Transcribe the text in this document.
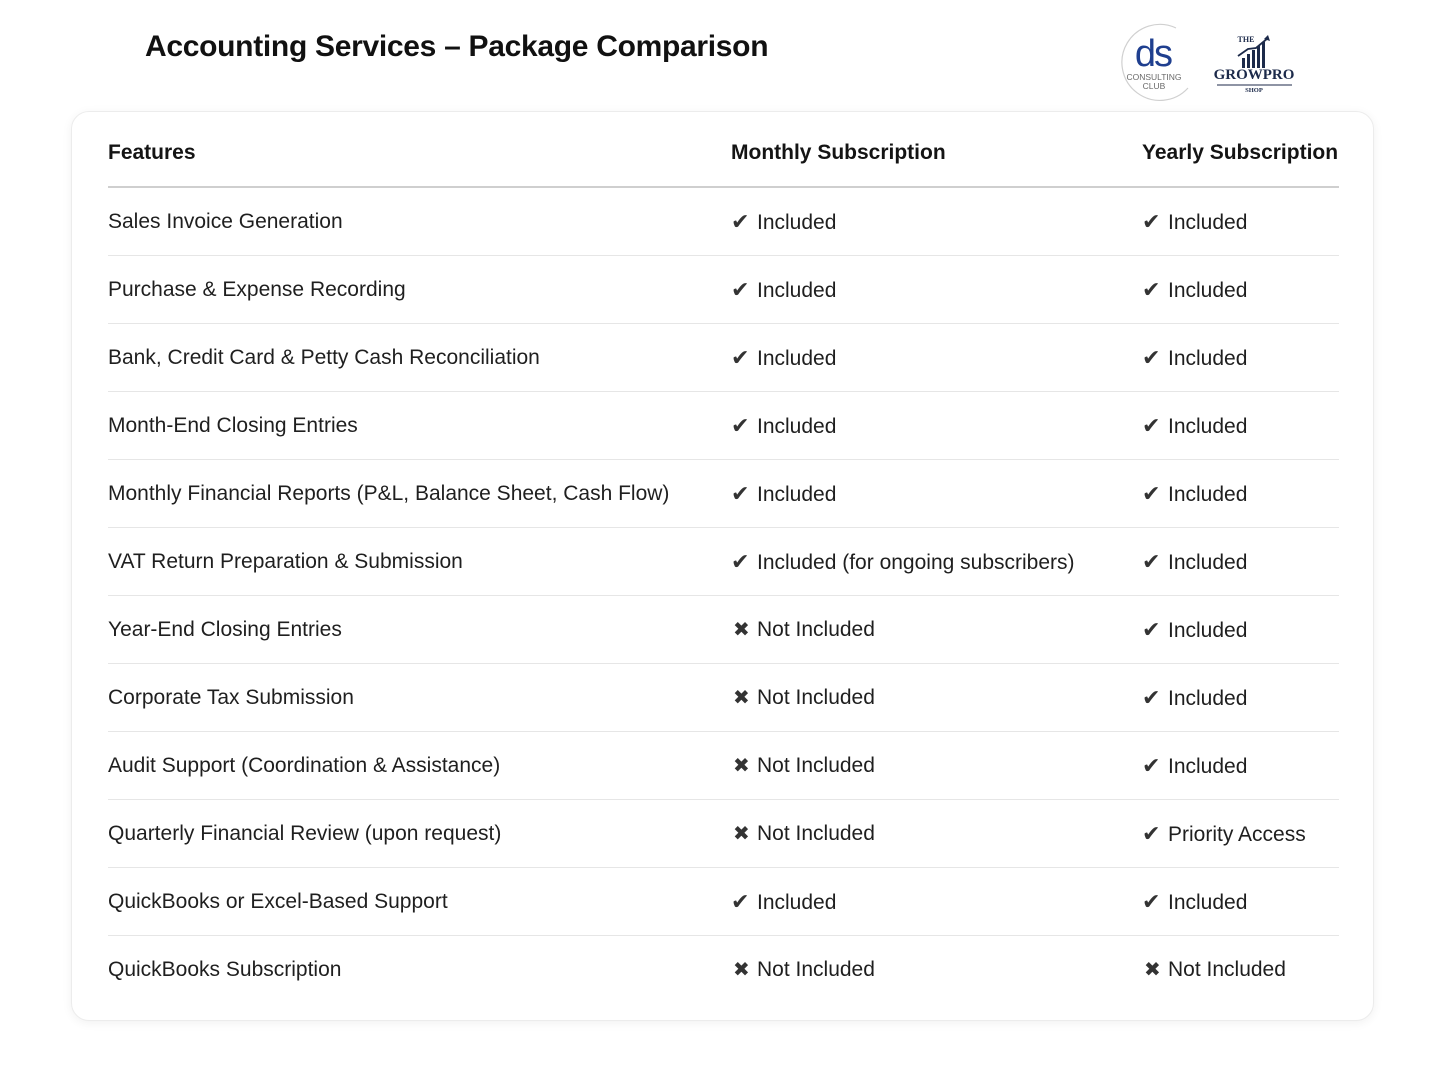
Accounting Services – Package Comparison	ds
CONSULTING
CLUB
THE
GROWPRO
SHOP
Features	Monthly Subscription	Yearly Subscription
Sales Invoice Generation	✔ Included	✔ Included
Purchase & Expense Recording	✔ Included	✔ Included
Bank, Credit Card & Petty Cash Reconciliation	✔ Included	✔ Included
Month-End Closing Entries	✔ Included	✔ Included
Monthly Financial Reports (P&L, Balance Sheet, Cash Flow)	✔ Included	✔ Included
VAT Return Preparation & Submission	✔ Included (for ongoing subscribers)	✔ Included
Year-End Closing Entries	✖ Not Included	✔ Included
Corporate Tax Submission	✖ Not Included	✔ Included
Audit Support (Coordination & Assistance)	✖ Not Included	✔ Included
Quarterly Financial Review (upon request)	✖ Not Included	✔ Priority Access
QuickBooks or Excel-Based Support	✔ Included	✔ Included
QuickBooks Subscription	✖ Not Included	✖ Not Included
